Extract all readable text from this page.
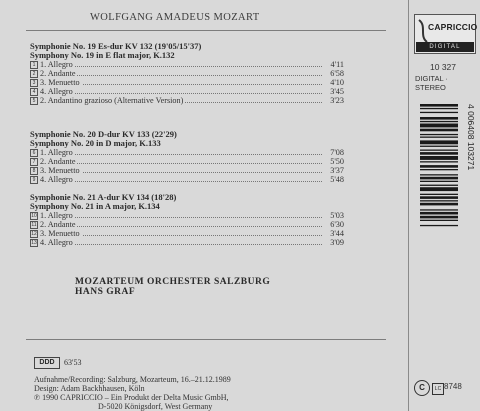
WOLFGANG AMADEUS MOZART
CAPRICCIO
DIGITAL
10 327
DIGITAL · STEREO
4 006408 103271
Symphonie No. 19 Es-dur KV 132 (19'05/15'37)
Symphony No. 19 in E flat major, K.132
1 1. Allegro	4'11
2 2. Andante	6'58
3 3. Menuetto	4'10
4 4. Allegro	3'45
5 2. Andantino grazioso (Alternative Version)	3'23
Symphonie No. 20 D-dur KV 133 (22'29)
Symphony No. 20 in D major, K.133
6 1. Allegro	7'08
7 2. Andante	5'50
8 3. Menuetto	3'37
9 4. Allegro	5'48
Symphonie No. 21 A-dur KV 134 (18'28)
Symphony No. 21 in A major, K.134
10 1. Allegro	5'03
11 2. Andante	6'30
12 3. Menuetto	3'44
13 4. Allegro	3'09
MOZARTEUM ORCHESTER SALZBURG
HANS GRAF
DDD	63'53
Aufnahme/Recording: Salzburg, Mozarteum, 16.–21.12.1989
Design: Adam Backhhausen, Köln
℗ 1990 CAPRICCIO – Ein Produkt der Delta Music GmbH,
D-5020 Königsdorf, West Germany
C	LC 8748
